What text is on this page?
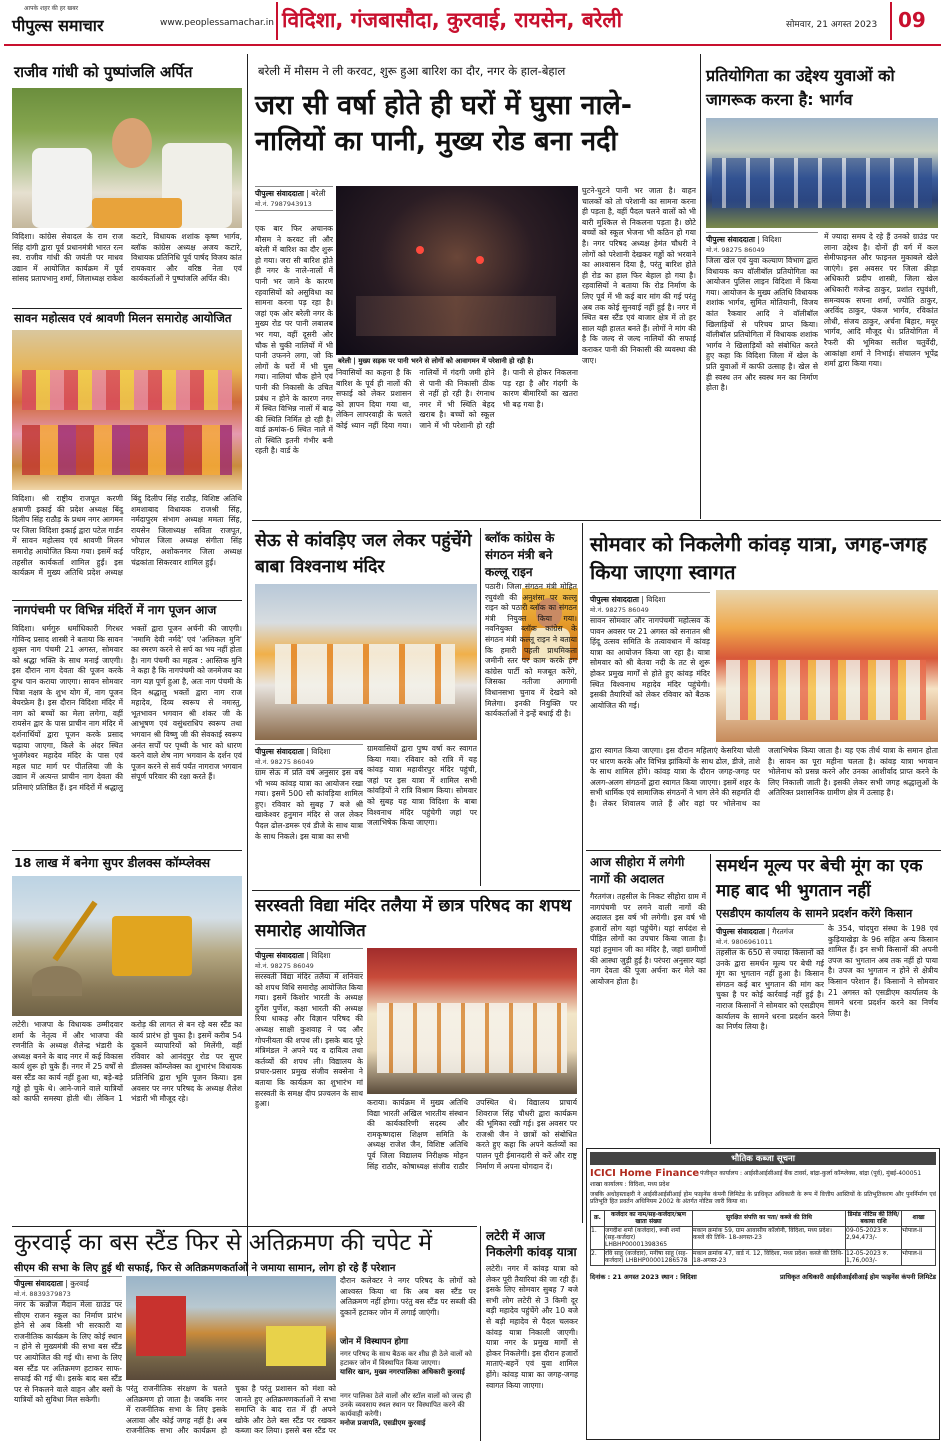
आपके शहर की हर खबर
पीपुल्स समाचार	www.peoplessamachar.in विदिशा, गंजबासौदा, कुरवाई, रायसेन, बरेली	सोमवार, 21 अगस्त 2023 09
राजीव गांधी को पुष्पांजलि अर्पित
विदिशा। कांग्रेस सेवादल के राम राज सिंह दांगी द्वारा पूर्व प्रधानमंत्री भारत रत्न स्व. राजीव गांधी की जयंती पर माधव उद्यान में आयोजित कार्यक्रम में पूर्व सांसद प्रतापभानु शर्मा, जिलाध्यक्ष राकेश कटारे, विधायक शशांक कृष्ण भार्गव, ब्लॉक कांग्रेस अध्यक्ष अजय कटारे, विधायक प्रतिनिधि पूर्व पार्षद विजय कांत रायकवार और वरिष्ठ नेता एवं कार्यकर्ताओं ने पुष्पांजलि अर्पित की।
सावन महोत्सव एवं श्रावणी मिलन समारोह आयोजित
विदिशा। श्री राष्ट्रीय राजपूत करणी क्षत्राणी इकाई की प्रदेश अध्यक्ष बिंदु दिलीप सिंह राठौड़ के प्रथम नगर आगमन पर जिला विदिशा इकाई द्वारा पटेल गार्डन में सावन महोत्सव एवं श्रावणी मिलन समारोह आयोजित किया गया। इसमें कई तहसील कार्यकर्ता शामिल हुईं। इस कार्यक्रम में मुख्य अतिथि प्रदेश अध्यक्ष बिंदु दिलीप सिंह राठौड़, विशिष्ट अतिथि शमशाबाद विधायक राजश्री सिंह, नर्मदापुरम संभाग अध्यक्ष ममता सिंह, रायसेन जिलाध्यक्ष सविता राजपूत, भोपाल जिला अध्यक्ष संगीता सिंह परिहार, अशोकनगर जिला अध्यक्ष चंद्रकांता सिकरवार शामिल हुईं।
नागपंचमी पर विभिन्न मंदिरों में नाग पूजन आज
विदिशा। धर्मगुरु धर्माधिकारी गिरधर गोविन्द प्रसाद शास्त्री ने बताया कि सावन शुक्ल नाग पंचमी 21 अगस्त, सोमवार को श्रद्धा भक्ति के साथ मनाई जाएगी। इस दौरान नाग देवता की पूजन करके दुग्ध पान कराया जाएगा। सावन सोमवार चित्रा नक्षत्र के शुभ योग में, नाग पूजन बेयरफ्रेम है। इस दौरान विदिशा मंदिर में नाग को बच्चों का मेला लगेगा, वहीं रायसेन द्वार के पास प्राचीन नाग मंदिर में दर्शनार्थियों द्वारा पूजन करके प्रसाद चढ़ाया जाएगा, किले के अंदर स्थित भुजंगेश्वर महादेव मंदिर के पास एवं महल घाट मार्ग पर पीतलिया जी के उद्यान में अत्यन्त प्राचीन नाग देवता की प्रतिमाएं प्रतिष्ठित हैं। इन मंदिरों में श्रद्धालु भक्तों द्वारा पूजन अर्चनी की जाएगी। 'नमामि देवी नर्मदे' एवं 'अलिकल मुनि' का स्मरण करने से सर्प का भय नहीं होता है। नाग पंचमी का महत्व : आस्तिक मुनि ने कहा है कि नागपंचमी को जनमेजय का नाग यज्ञ पूर्ण हुआ है, अतः नाग पंचमी के दिन श्रद्धालु भक्तों द्वारा नाग राज महादेव, दिव्य स्वरूप से नमःस्तु, भूतभावन भगवान श्री शंकर जी के आभूषण एवं वसुंधराधिप स्वरूप तथा भगवान श्री विष्णु जी की सेवकाई स्वरूप अनंत सर्पों पर पृथ्वी के भार को धारण करने वाले शेष नाग भगवान के दर्शन एवं पूजन करने से सर्व पर्यंत नागराज भगवान संपूर्ण परिवार की रक्षा करते हैं।
18 लाख में बनेगा सुपर डीलक्स कॉम्प्लेक्स
लटेरी। भाजपा के विधायक उम्मीदवार शर्मा के नेतृत्व में और भाजपा की रणनीति के अध्यक्ष शैलेन्द्र भंडारी के अध्यक्ष बनने के बाद नगर में कई विकास कार्य शुरू हो चुके हैं। नगर में 25 वर्षों से बस स्टैंड का कार्य नहीं हुआ था, बड़े-बड़े गड्ढे हो चुके थे। आने-जाने वाले यात्रियों को काफी समस्या होती थी। लेकिन 1 करोड़ की लागत से बन रहे बस स्टैंड का कार्य प्रारंभ हो चुका है। इसमें करीब 54 दुकानें व्यापारियों को मिलेंगी, वहीं रविवार को आनंदपुर रोड पर सुपर डीलक्स कॉम्प्लेक्स का शुभारंभ विधायक प्रतिनिधि द्वारा भूमि पूजन किया। इस अवसर पर नगर परिषद के अध्यक्ष शैलेश भंडारी भी मौजूद रहे।
बरेली में मौसम ने ली करवट, शुरू हुआ बारिश का दौर, नगर के हाल-बेहाल
जरा सी वर्षा होते ही घरों में घुसा नाले-नालियों का पानी, मुख्य रोड बना नदी
पीपुल्स संवाददाता | बरेली
मो.नं. 7987943913
बरेली | मुख्य सड़क पर पानी भरने से लोगों को आवागमन में परेशानी हो रही है।
एक बार फिर अचानक मौसम ने करवट ली और बरेली में बारिश का दौर शुरू हो गया। जरा सी बारिश होते ही नगर के नाले-नालों में पानी भर जाने के कारण रहवासियों को असुविधा का सामना करना पड़ रहा है। जहां एक ओर बरेली नगर के मुख्य रोड पर पानी लबालब भर गया, वहीं दूसरी ओर चौक से चुकी नालियों में भी पानी उफनने लगा, जो कि लोगों के घरों में भी घुस गया। नालियां चौक होने एवं पानी की निकासी के उचित प्रबंध न होने के कारण नगर में स्थित विभिन्न नालों में बाढ़ की स्थिति निर्मित हो रही है। वार्ड क्रमांक-6 स्थित नाले में तो स्थिति इतनी गंभीर बनी रहती है। वार्ड के
निवासियों का कहना है कि बारिश के पूर्व ही नालों की सफाई को लेकर प्रशासन को ज्ञापन दिया गया था, लेकिन लापरवाही के चलते कोई ध्यान नहीं दिया गया। नालियों में गंदगी जमी होने से पानी की निकासी ठीक से नहीं हो रही है। रंगनाथ नगर में भी स्थिति बेहद खराब है। बच्चों को स्कूल जाने में भी परेशानी हो रही है। पानी से होकर निकलना पड़ रहा है और गंदगी के कारण बीमारियों का खतरा भी बढ़ गया है।
घुटने-घुटने पानी भर जाता है। वाहन चालकों को तो परेशानी का सामना करना ही पड़ता है, वहीं पैदल चलने वालों को भी बारी मुश्किल से निकलना पड़ता है। छोटे बच्चों को स्कूल भेजना भी कठिन हो गया है। नगर परिषद अध्यक्ष हेमंत चौधरी ने लोगों को परेशानी देखकर गड्ढों को भरवाने का आश्वासन दिया है, परंतु बारिश होते ही रोड का हाल फिर बेहाल हो गया है। रहवासियों ने बताया कि रोड निर्माण के लिए पूर्व में भी कई बार मांग की गई परंतु अब तक कोई सुनवाई नहीं हुई है। नगर में स्थित बस स्टैंड एवं बाजार क्षेत्र में तो हर साल यही हालत बनते हैं। लोगों ने मांग की है कि जल्द से जल्द नालियों की सफाई कराकर पानी की निकासी की व्यवस्था की जाए।
प्रतियोगिता का उद्देश्य युवाओं को जागरूक करना है: भार्गव
पीपुल्स संवाददाता | विदिशा
मो.नं. 98275 86049
जिला खेल एवं युवा कल्याण विभाग द्वारा विधायक कप वॉलीबॉल प्रतियोगिता का आयोजन पुलिस लाइन विदिशा में किया गया। आयोजन के मुख्य अतिथि विधायक शशांक भार्गव, सुमित मोतियानी, विजय कांत रैकवार आदि ने वॉलीबॉल खिलाड़ियों से परिचय प्राप्त किया। वॉलीबॉल प्रतियोगिता में विधायक शशांक भार्गव ने खिलाड़ियों को संबोधित करते हुए कहा कि विदिशा जिला में खेल के प्रति युवाओं में काफी उत्साह है। खेल से ही स्वस्थ तन और स्वस्थ मन का निर्माण होता है।
में ज्यादा समय दे रहे हैं उनको ग्राउंड पर लाना उद्देश्य है। दोनों ही वर्ग में कल सेमीफाइनल और फाइनल मुकाबले खेले जाएंगे। इस अवसर पर जिला क्रीड़ा अधिकारी प्रदीप शास्त्री, जिला खेल अधिकारी गजेन्द्र ठाकुर, प्रशांत रघुवंशी, समन्वयक सपना शर्मा, ज्योति ठाकुर, अरविंद ठाकुर, पंकज भार्गव, रविकांत लोधी, संजय ठाकुर, अर्चना बिहार, मयूर भार्गव, आदि मौजूद थे। प्रतियोगिता में रैफरी की भूमिका सतीश चतुर्वेदी, आकांक्षा शर्मा ने निभाई। संचालन भूपेंद्र शर्मा द्वारा किया गया।
सेऊ से कांवड़िए जल लेकर पहुंचेंगे बाबा विश्वनाथ मंदिर
पीपुल्स संवाददाता | विदिशा
मो.नं. 98275 86049
ग्राम सेऊ में प्रति वर्ष अनुसार इस वर्ष भी भव्य कांवड़ यात्रा का आयोजन रखा गया। इसमें 500 सौ कांवड़िया शामिल हुए। रविवार को सुबह 7 बजे श्री खाकेश्वर हनुमान मंदिर से जल लेकर पैदल ढोल-डमरू एवं डीजे के साथ यात्रा के साथ निकले। इस यात्रा का सभी
ग्रामवासियों द्वारा पुष्प वर्षा कर स्वागत किया गया। रविवार को रात्रि में यह कांवड़ यात्रा महावीरपुर मंदिर पहुंची, जहां पर इस यात्रा में शामिल सभी कांवड़ियों ने रात्रि विश्राम किया। सोमवार को सुबह यह यात्रा विदिशा के बाबा विश्वनाथ मंदिर पहुंचेगी जहां पर जलाभिषेक किया जाएगा।
ब्लॉक कांग्रेस के संगठन मंत्री बने कल्लू राइन
पठारी। जिला संगठन मंत्री मोहित रघुवंशी की अनुशंसा पर कल्लू राइन को पठारी ब्लॉक का संगठन मंत्री नियुक्त किया गया। नवनियुक्त ब्लॉक कांग्रेस के संगठन मंत्री कल्लू राइन ने बताया कि हमारी पहली प्राथमिकता जमीनी स्तर पर काम करके हम कांग्रेस पार्टी को मजबूत करेंगे, जिसका नतीजा आगामी विधानसभा चुनाव में देखने को मिलेगा। इनकी नियुक्ति पर कार्यकर्ताओं ने इन्हें बधाई दी है।
सोमवार को निकलेगी कांवड़ यात्रा, जगह-जगह किया जाएगा स्वागत
पीपुल्स संवाददाता | विदिशा
मो.नं. 98275 86049
सावन सोमवार और नागपंचमी महोत्सव के पावन अवसर पर 21 अगस्त को सनातन श्री हिंदू उत्सव समिति के तत्वावधान में कांवड़ यात्रा का आयोजन किया जा रहा है। यात्रा सोमवार को श्री बेतवा नदी के तट से शुरू होकर प्रमुख मार्गों से होते हुए कांवड़ मंदिर स्थित विश्वनाथ महादेव मंदिर पहुंचेगी। इसकी तैयारियों को लेकर रविवार को बैठक आयोजित की गई।
द्वारा स्वागत किया जाएगा। इस दौरान महिलाएं केसरिया चोली पर धारण करके और विभिन्न झांकियों के साथ ढोल, डीजे, ताशे के साथ शामिल होंगे। कांवड़ यात्रा के दौरान जगह-जगह पर अलग-अलग संगठनों द्वारा स्वागत किया जाएगा। इसमें शहर के सभी धार्मिक एवं सामाजिक संगठनों ने भाग लेने की सहमति दी है। लेकर शिवालय जाते हैं और वहां पर भोलेनाथ का जलाभिषेक किया जाता है। यह एक तीर्थ यात्रा के समान होता है। सावन का पूरा महीना चलता है। कांवड़ यात्रा भगवान भोलेनाथ को प्रसन्न करने और उनका आशीर्वाद प्राप्त करने के लिए निकाली जाती है। इसकी लेकर सभी जगह श्रद्धालुओं के अतिरिक्त प्रशासनिक ग्रामीण क्षेत्र में उत्साह है।
सरस्वती विद्या मंदिर तलैया में छात्र परिषद का शपथ समारोह आयोजित
पीपुल्स संवाददाता | विदिशा
मो.नं. 98275 86049
सरस्वती विद्या मंदिर तलैया में शनिवार को शपथ विधि समारोह आयोजित किया गया। इसमें किशोर भारती के अध्यक्ष दुर्गेश पुर्णेश, कक्षा भारती की अध्यक्ष रिया धाकड़ और विज्ञान परिषद की अध्यक्ष साक्षी कुशवाह ने पद और गोपनीयता की शपथ ली। इसके बाद पूरे मंत्रिमंडल ने अपने पद व दायित्व तथा कर्तव्यों की शपथ ली। विद्यालय के प्रचार-प्रसार प्रमुख संजीव सक्सेना ने बताया कि कार्यक्रम का शुभारंभ मां सरस्वती के समक्ष दीप प्रज्वलन के साथ हुआ।	कराया। कार्यक्रम में मुख्य अतिथि विद्या भारती अखिल भारतीय संस्थान की कार्यकारिणी सदस्य और रामकृष्णदास शिक्षण समिति के अध्यक्ष राजेश जैन, विशिष्ट अतिथि पूर्व जिला विद्यालय निरीक्षक मोहन सिंह राठौर, कोषाध्यक्ष संजीव राठौर उपस्थित थे। विद्यालय प्राचार्य शिवराज सिंह चौधरी द्वारा कार्यक्रम की भूमिका रखी गई। इस अवसर पर राजश्री जैन ने छात्रों को संबोधित करते हुए कहा कि अपने कर्तव्यों का पालन पूरी ईमानदारी से करें और राष्ट्र निर्माण में अपना योगदान दें।
आज सीहोरा में लगेगी नागों की अदालत
गैरतगंज। तहसील के निकट सीहोरा ग्राम में नागपंचमी पर लगने वाली नागों की अदालत इस वर्ष भी लगेगी। इस वर्ष भी हजारों लोग यहां पहुंचेंगे। यहां सर्पदंश से पीड़ित लोगों का उपचार किया जाता है। यहां हनुमान जी का मंदिर है, जहां ग्रामीणों की आस्था जुड़ी हुई है। परंपरा अनुसार यहां नाग देवता की पूजा अर्चना कर मेले का आयोजन होता है।
समर्थन मूल्य पर बेची मूंग का एक माह बाद भी भुगतान नहीं
एसडीएम कार्यालय के सामने प्रदर्शन करेंगे किसान
पीपुल्स संवाददाता | गैरतगंज
मो.नं. 9806961011
तहसील के 650 से ज्यादा किसानों को उनके द्वारा समर्थन मूल्य पर बेची गई मूंग का भुगतान नहीं हुआ है। किसान संगठन कई बार भुगतान की मांग कर चुका है पर कोई कार्रवाई नहीं हुई है। नाराज किसानों ने सोमवार को एसडीएम कार्यालय के सामने धरना प्रदर्शन करने का निर्णय लिया है।
के 354, चांदपुरा संस्था के 198 एवं कुड़ियाखेड़ा के 96 सहित अन्य किसान शामिल हैं। इन सभी किसानों की अपनी उपज का भुगतान अब तक नहीं हो पाया है। उपज का भुगतान न होने से क्षेत्रीय किसान परेशान हैं। किसानों ने सोमवार 21 अगस्त को एसडीएम कार्यालय के सामने धरना प्रदर्शन करने का निर्णय लिया है।
कुरवाई का बस स्टैंड फिर से अतिक्रमण की चपेट में
सीएम की सभा के लिए हुई थी सफाई, फिर से अतिक्रमणकर्ताओं ने जमाया सामान, लोग हो रहे हैं परेशान
पीपुल्स संवाददाता | कुरवाई
मो.नं. 8839379873
नगर के कन्नौज मैदान मेला ग्राउंड पर सीएम राजन स्कूल का निर्माण प्रारंभ होने से अब किसी भी सरकारी या राजनीतिक कार्यक्रम के लिए कोई स्थान न होने से मुख्यमंत्री की सभा बस स्टैंड पर आयोजित की गई थी। सभा के लिए बस स्टैंड पर अतिक्रमण हटाकर साफ-सफाई की गई थी। इसके बाद बस स्टैंड पर से निकलने वाले वाहन और बसों के यात्रियों को सुविधा मिल सकेगी।
परंतु राजनीतिक संरक्षण के चलते अतिक्रमण हो जाता है। जबकि नगर में राजनीतिक सभा के लिए इसके अलावा और कोई जगह नहीं है। अब राजनीतिक सभा और कार्यक्रम हो चुका है परंतु प्रशासन को मंशा को जानते हुए अतिक्रमणकर्ताओं ने सभा समाप्ति के बाद रात में ही अपने खोके और ठेले बस स्टैंड पर रखकर कब्जा कर लिया। इससे बस स्टैंड पर
दौरान कलेक्टर ने नगर परिषद के लोगों को आश्वस्त किया था कि अब बस स्टैंड पर अतिक्रमण नहीं होगा। परंतु बस स्टैंड पर सब्जी की दुकानें हटाकर जोन में लगाई जाएंगी।
जोन में विस्थापन होगा
नगर परिषद के साथ बैठक कर शीघ्र ही ठेले वालों को हटाकर जोन में विस्थापित किया जाएगा।
यासिर खान, मुख्य नगरपालिका अधिकारी कुरवाई
नगर पालिका ठेले वालों और स्टॉल वालों को जल्द ही उनके व्यवसाय स्थल स्थान पर विस्थापित करने की कार्यवाही करेगी।
मनोज प्रजापति, एसडीएम कुरवाई
लटेरी में आज निकलेगी कांवड़ यात्रा
लटेरी। नगर में कांवड़ यात्रा को लेकर पूरी तैयारियां की जा रही हैं। इसके लिए सोमवार सुबह 7 बजे सभी लोग लटेरी से 3 किमी दूर बड़ी महादेव पहुंचेंगे और 10 बजे से बड़ी महादेव से पैदल चलकर कांवड़ यात्रा निकाली जाएगी। यात्रा नगर के प्रमुख मार्गों से होकर निकलेगी। इस दौरान हजारों माताएं-बहनें एवं युवा शामिल होंगे। कांवड़ यात्रा का जगह-जगह स्वागत किया जाएगा।
भौतिक कब्जा सूचना
ICICI Home Finance पंजीकृत कार्यालय : आईसीआईसीआई बैंक टावर्स, बांद्रा-कुर्ला कॉम्प्लेक्स, बांद्रा (पूर्व), मुंबई-400051
शाखा कार्यालय : विदिशा, मध्य प्रदेश
जबकि अधोहस्ताक्षरी ने आईसीआईसीआई होम फाइनेंस कंपनी लिमिटेड के प्राधिकृत अधिकारी के रूप में वित्तीय आस्तियों के प्रतिभूतिकरण और पुनर्निर्माण एवं प्रतिभूति हित प्रवर्तन अधिनियम 2002 के अंतर्गत नोटिस जारी किया था।
क्र.	कर्जदार का नाम/सह-कर्जदार/ऋण खाता संख्या	सुरक्षित संपत्ति का पता/ कब्जे की तिथि	डिमांड नोटिस की तिथि/ बकाया राशि	शाखा
1.	जगदीश शर्मा (कर्जदार), रूबी शर्मा (सह-कर्जदार) LHBHP00001398365	मकान क्रमांक 59, ग्राम आवासीय कॉलोनी, विदिशा, मध्य प्रदेश। कब्जे की तिथि- 18-अगस्त-23	09-05-2023 रु. 2,94,473/-	भोपाल-II
2.	रवि साहू (कर्जदार), मनीषा साहू (सह-कर्जदार) LHBHP00001286578	मकान क्रमांक 47, वार्ड नं. 12, विदिशा, मध्य प्रदेश। कब्जे की तिथि- 18-अगस्त-23	12-05-2023 रु. 1,76,003/-	भोपाल-II
दिनांक : 21 अगस्त 2023 स्थान : विदिशा	प्राधिकृत अधिकारी आईसीआईसीआई होम फाइनेंस कंपनी लिमिटेड
